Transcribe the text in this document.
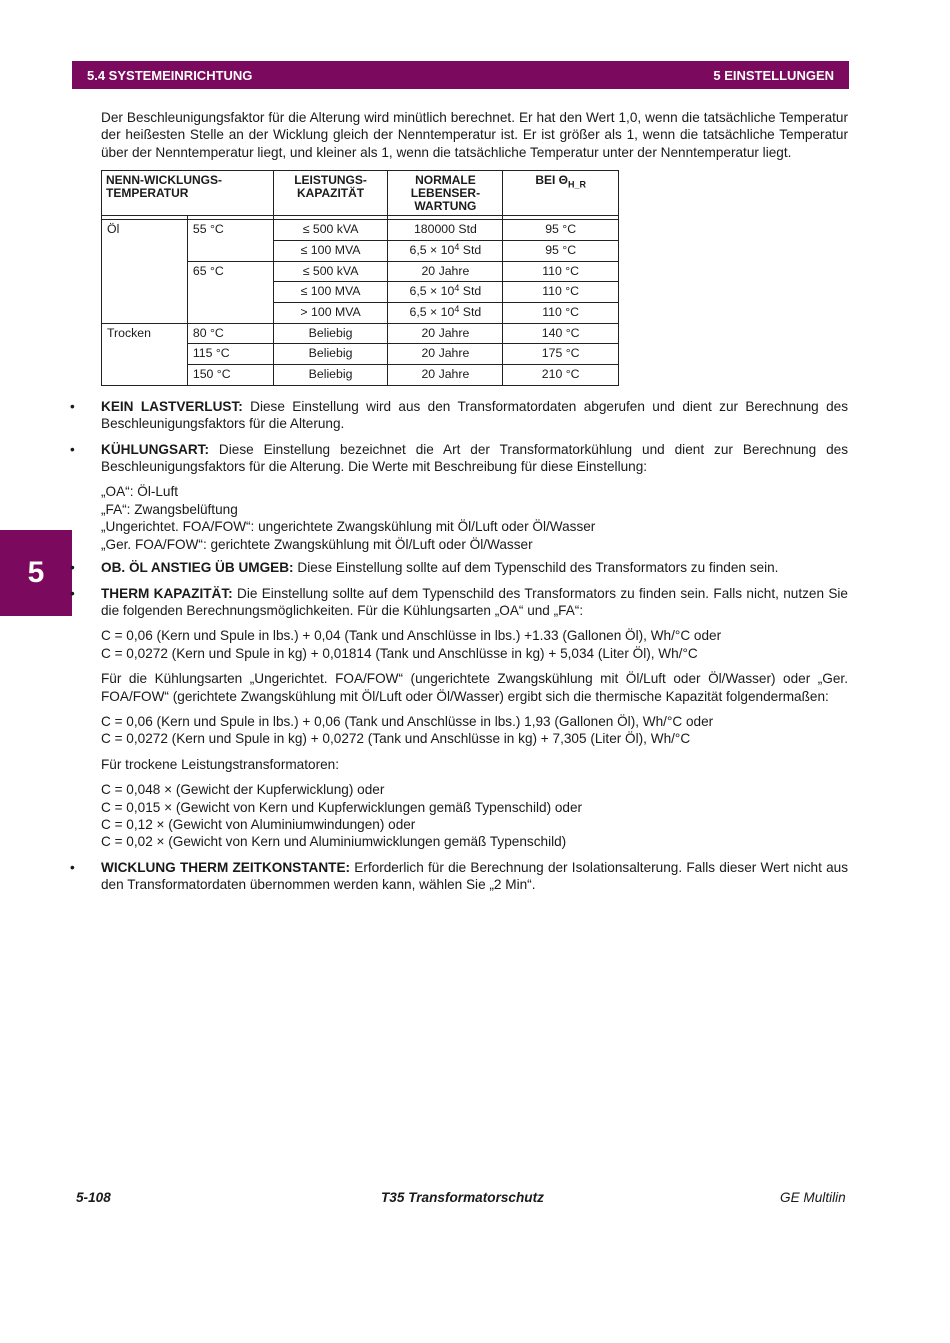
5.4 SYSTEMEINRICHTUNG	5 EINSTELLUNGEN
5

Der Beschleunigungsfaktor für die Alterung wird minütlich berechnet. Er hat den Wert 1,0, wenn die tatsächliche Temperatur der heißesten Stelle an der Wicklung gleich der Nenntemperatur ist. Er ist größer als 1, wenn die tatsächliche Temperatur über der Nenntemperatur liegt, und kleiner als 1, wenn die tatsächliche Temperatur unter der Nenntemperatur liegt.

NENN-WICKLUNGS-TEMPERATUR		LEISTUNGS-KAPAZITÄT	NORMALE LEBENSER-WARTUNG	BEI $\Theta_{H\_R}$

Öl	55 °C	≤ 500 kVA	180000 Std	95 °C
		≤ 100 MVA	$6,5 \times 10^4$ Std	95 °C
	65 °C	≤ 500 kVA	20 Jahre	110 °C
		≤ 100 MVA	$6,5 \times 10^4$ Std	110 °C
		> 100 MVA	$6,5 \times 10^4$ Std	110 °C
Trocken	80 °C	Beliebig	20 Jahre	140 °C
	115 °C	Beliebig	20 Jahre	175 °C
	150 °C	Beliebig	20 Jahre	210 °C
• KEIN LASTVERLUST: Diese Einstellung wird aus den Transformatordaten abgerufen und dient zur Berechnung des Beschleunigungsfaktors für die Alterung.

• KÜHLUNGSART: Diese Einstellung bezeichnet die Art der Transformatorkühlung und dient zur Berechnung des Beschleunigungsfaktors für die Alterung. Die Werte mit Beschreibung für diese Einstellung:

„OA“: Öl-Luft
„FA“: Zwangsbelüftung
„Ungerichtet. FOA/FOW“: ungerichtete Zwangskühlung mit Öl/Luft oder Öl/Wasser
„Ger. FOA/FOW“: gerichtete Zwangskühlung mit Öl/Luft oder Öl/Wasser
• OB. ÖL ANSTIEG ÜB UMGEB: Diese Einstellung sollte auf dem Typenschild des Transformators zu finden sein.

• THERM KAPAZITÄT: Die Einstellung sollte auf dem Typenschild des Transformators zu finden sein. Falls nicht, nutzen Sie die folgenden Berechnungsmöglichkeiten. Für die Kühlungsarten „OA“ und „FA“:

C = 0,06 (Kern und Spule in lbs.) + 0,04 (Tank und Anschlüsse in lbs.) +1.33 (Gallonen Öl), Wh/°C oder
C = 0,0272 (Kern und Spule in kg) + 0,01814 (Tank und Anschlüsse in kg) + 5,034 (Liter Öl), Wh/°C

Für die Kühlungsarten „Ungerichtet. FOA/FOW“ (ungerichtete Zwangskühlung mit Öl/Luft oder Öl/Wasser) oder „Ger. FOA/FOW“ (gerichtete Zwangskühlung mit Öl/Luft oder Öl/Wasser) ergibt sich die thermische Kapazität folgendermaßen:

C = 0,06 (Kern und Spule in lbs.) + 0,06 (Tank und Anschlüsse in lbs.) 1,93 (Gallonen Öl), Wh/°C oder
C = 0,0272 (Kern und Spule in kg) + 0,0272 (Tank und Anschlüsse in kg) + 7,305 (Liter Öl), Wh/°C

Für trockene Leistungstransformatoren:

C = 0,048 × (Gewicht der Kupferwicklung) oder
C = 0,015 × (Gewicht von Kern und Kupferwicklungen gemäß Typenschild) oder
C = 0,12 × (Gewicht von Aluminiumwindungen) oder
C = 0,02 × (Gewicht von Kern und Aluminiumwicklungen gemäß Typenschild)
• WICKLUNG THERM ZEITKONSTANTE: Erforderlich für die Berechnung der Isolationsalterung. Falls dieser Wert nicht aus den Transformatordaten übernommen werden kann, wählen Sie „2 Min“.

5-108	T35 Transformatorschutz	GE Multilin
